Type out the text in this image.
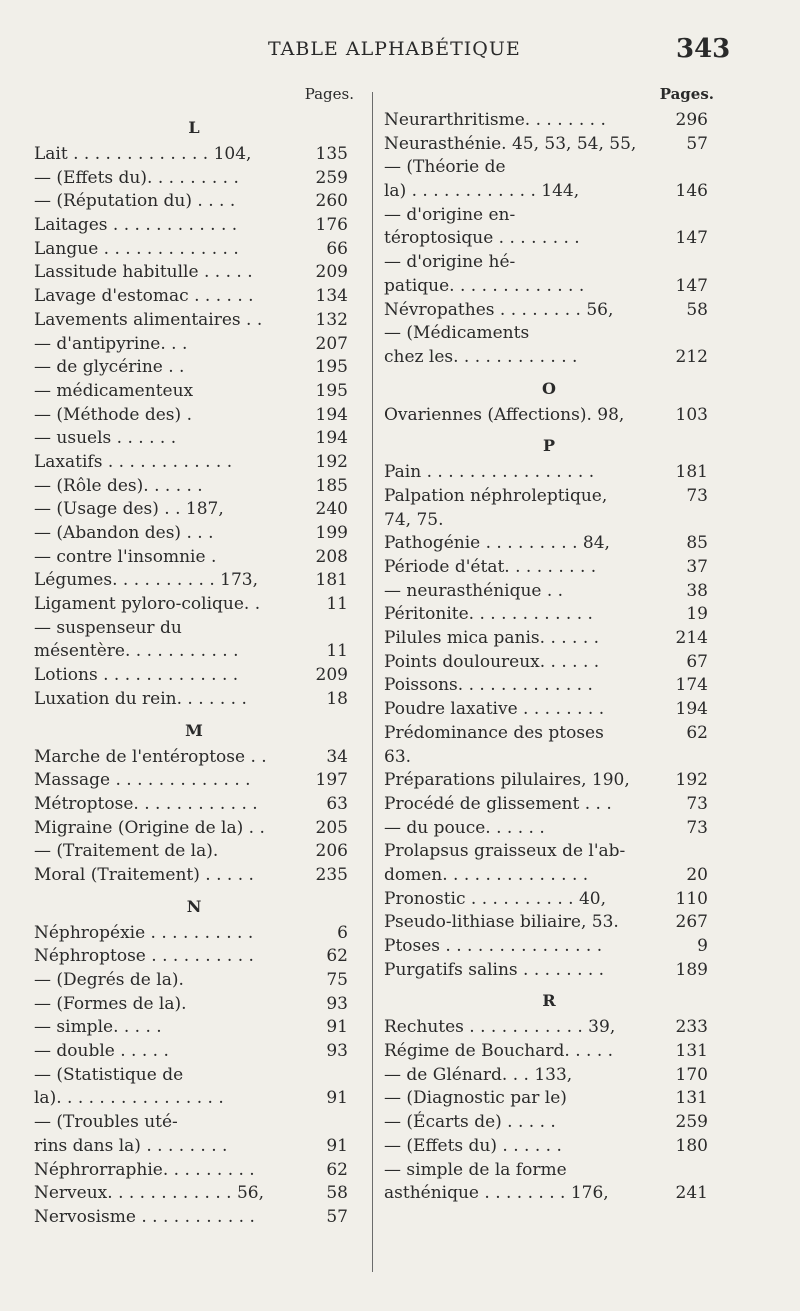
TABLE ALPHABÉTIQUE	343
Pages.
L
Lait . . . . . . . . . . . . . 104,	135
— (Effets du). . . . . . . . .	259
— (Réputation du) . . . .	260
Laitages . . . . . . . . . . . .	176
Langue . . . . . . . . . . . . .	66
Lassitude habitulle . . . . .	209
Lavage d'estomac . . . . . .	134
Lavements alimentaires . .	132
— d'antipyrine. . .	207
— de glycérine . .	195
— médicamenteux	195
— (Méthode des) .	194
— usuels . . . . . .	194
Laxatifs . . . . . . . . . . . .	192
— (Rôle des). . . . . .	185
— (Usage des) . . 187,	240
— (Abandon des) . . .	199
— contre l'insomnie .	208
Légumes. . . . . . . . . . 173,	181
Ligament pyloro-colique. .	11
— suspenseur du
mésentère. . . . . . . . . . .	11
Lotions . . . . . . . . . . . . .	209
Luxation du rein. . . . . . .	18
M
Marche de l'entéroptose . .	34
Massage . . . . . . . . . . . . .	197
Métroptose. . . . . . . . . . . .	63
Migraine (Origine de la) . .	205
— (Traitement de la).	206
Moral (Traitement) . . . . .	235
N
Néphropéxie . . . . . . . . . .	6
Néphroptose . . . . . . . . . .	62
— (Degrés de la).	75
— (Formes de la).	93
— simple. . . . .	91
— double . . . . .	93
— (Statistique de
la). . . . . . . . . . . . . . . .	91
— (Troubles uté-
rins dans la) . . . . . . . .	91
Néphrorraphie. . . . . . . . .	62
Nerveux. . . . . . . . . . . . 56,	58
Nervosisme . . . . . . . . . . .	57
Pages.
Neurarthritisme. . . . . . . .	296
Neurasthénie. 45, 53, 54, 55,	57
— (Théorie de
la) . . . . . . . . . . . . 144,	146
— d'origine en-
téroptosique . . . . . . . .	147
— d'origine hé-
patique. . . . . . . . . . . . .	147
Névropathes . . . . . . . . 56,	58
— (Médicaments
chez les. . . . . . . . . . . .	212
O
Ovariennes (Affections). 98,	103
P
Pain . . . . . . . . . . . . . . . .	181
Palpation néphroleptique,	73
74, 75.
Pathogénie . . . . . . . . . 84,	85
Période d'état. . . . . . . . .	37
— neurasthénique . .	38
Péritonite. . . . . . . . . . . .	19
Pilules mica panis. . . . . .	214
Points douloureux. . . . . .	67
Poissons. . . . . . . . . . . . .	174
Poudre laxative . . . . . . . .	194
Prédominance des ptoses	62
63.
Préparations pilulaires, 190,	192
Procédé de glissement . . .	73
— du pouce. . . . . .	73
Prolapsus graisseux de l'ab-
domen. . . . . . . . . . . . . .	20
Pronostic . . . . . . . . . . 40,	110
Pseudo-lithiase biliaire, 53.	267
Ptoses . . . . . . . . . . . . . . .	9
Purgatifs salins . . . . . . . .	189
R
Rechutes . . . . . . . . . . . 39,	233
Régime de Bouchard. . . . .	131
— de Glénard. . . 133,	170
— (Diagnostic par le)	131
— (Écarts de) . . . . .	259
— (Effets du) . . . . . .	180
— simple de la forme
asthénique . . . . . . . . 176,	241
